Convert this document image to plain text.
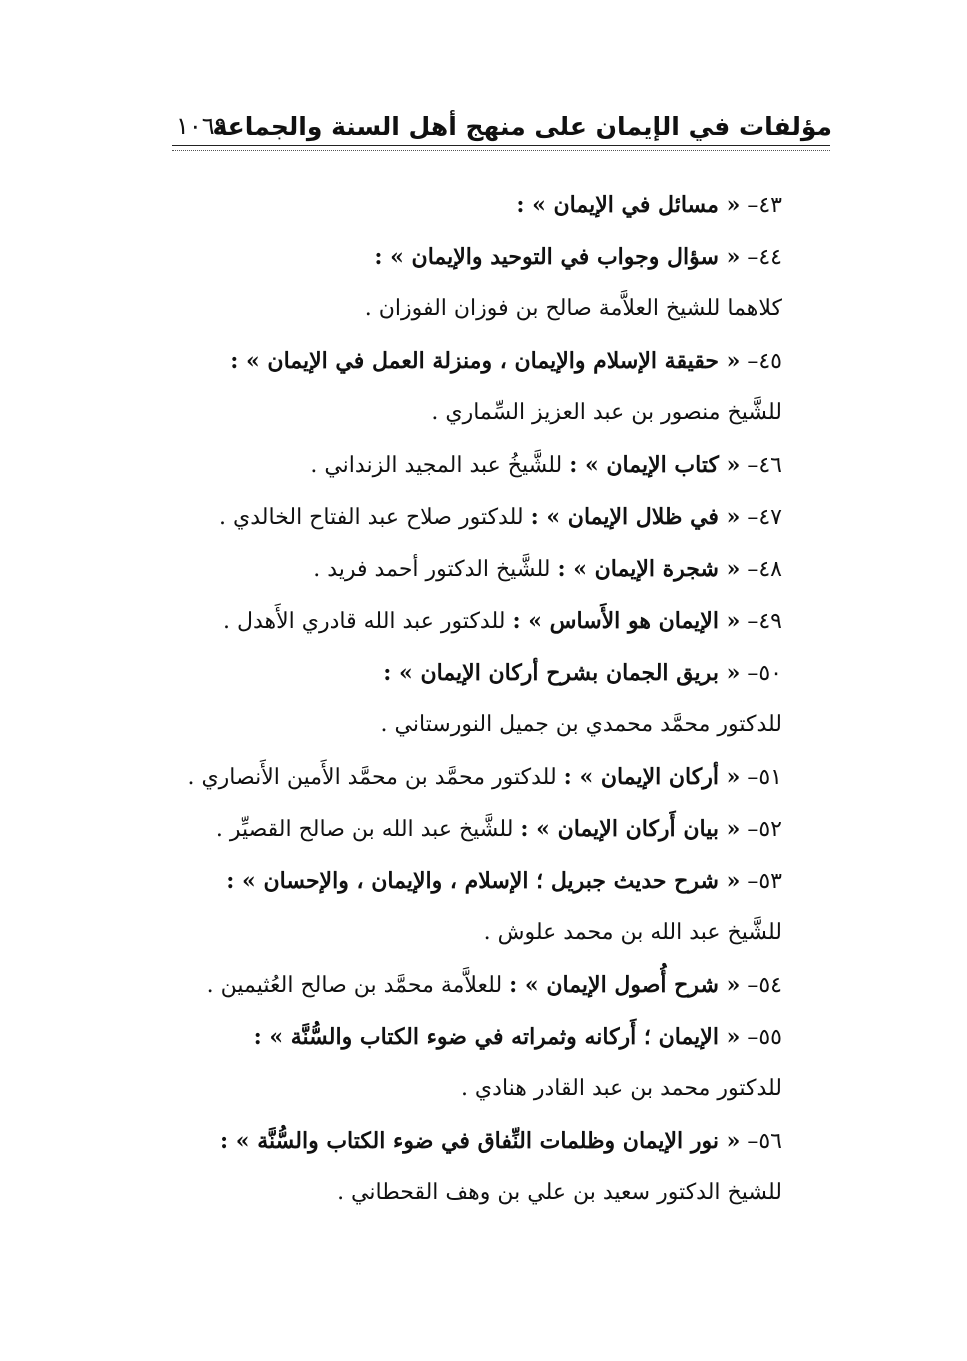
مؤلفات في الإيمان على منهج أهل السنة والجماعة
١٠٦٩
٤٣– « مسائل في الإيمان » :
٤٤– « سؤال وجواب في التوحيد والإيمان » :
كلاهما للشيخ العلاَّمة صالح بن فوزان الفوزان .
٤٥– « حقيقة الإسلام والإيمان ، ومنزلة العمل في الإيمان » :
للشَّيخ منصور بن عبد العزيز السِّماري .
٤٦– « كتاب الإيمان » : للشَّيخُ عبد المجيد الزنداني .
٤٧– « في ظلال الإيمان » : للدكتور صلاح عبد الفتاح الخالدي .
٤٨– « شجرة الإيمان » : للشَّيخ الدكتور أحمد فريد .
٤٩– « الإيمان هو الأَساس » : للدكتور عبد الله قادري الأَهدل .
٥٠– « بريق الجمان بشرح أركان الإيمان » :
للدكتور محمَّد محمدي بن جميل النورستاني .
٥١– « أركان الإيمان » : للدكتور محمَّد بن محمَّد الأَمين الأَنصاري .
٥٢– « بيان أَركان الإيمان » : للشَّيخ عبد الله بن صالح القصيِّر .
٥٣– « شرح حديث جبريل ؛ الإسلام ، والإيمان ، والإحسان » :
للشَّيخ عبد الله بن محمد علوش .
٥٤– « شرح أُصول الإيمان » : للعلاَّمة محمَّد بن صالح العُثيمين .
٥٥– « الإيمان ؛ أَركانه وثمراته في ضوء الكتاب والسُّنَّة » :
للدكتور محمد بن عبد القادر هنادي .
٥٦– « نور الإيمان وظلمات النِّفاق في ضوء الكتاب والسُّنَّة » :
للشيخ الدكتور سعيد بن علي بن وهف القحطاني .
